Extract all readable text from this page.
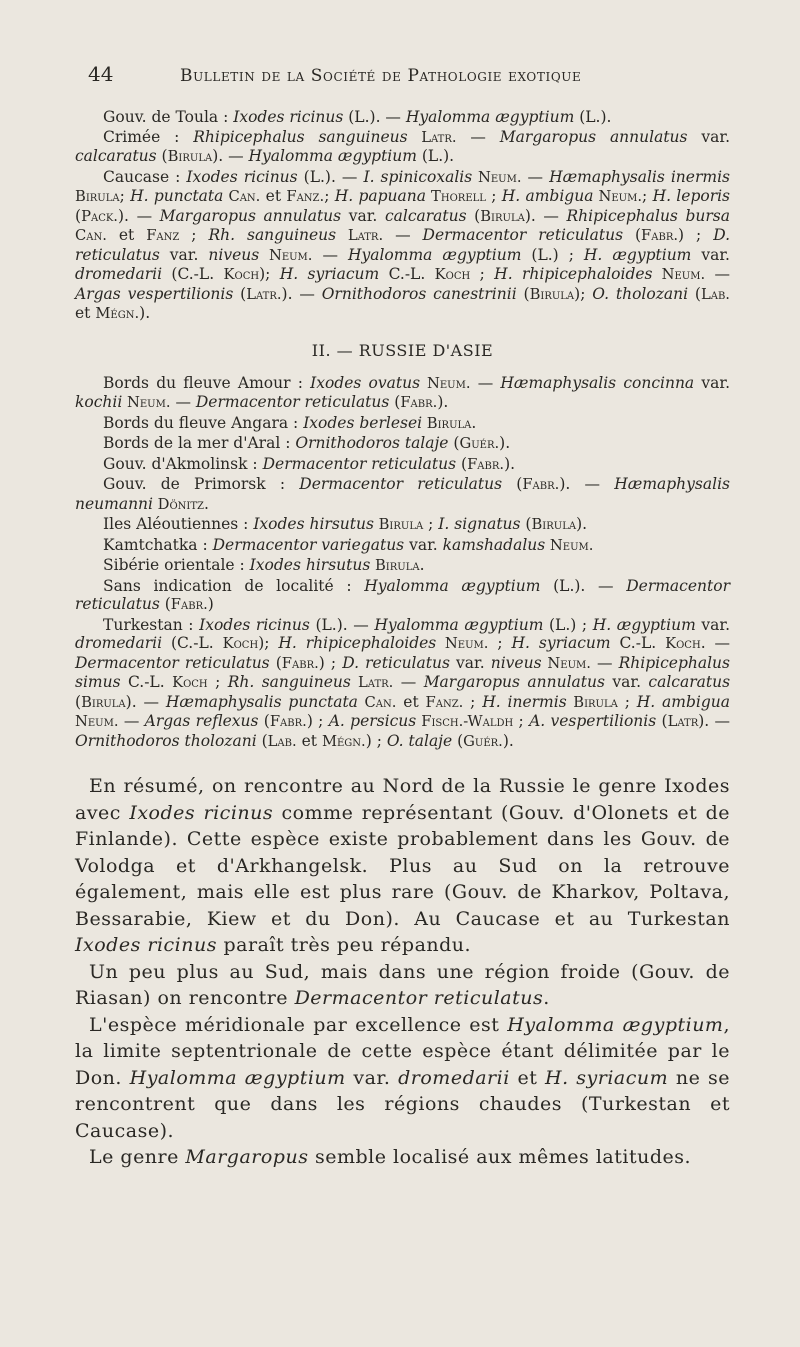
44	Bulletin de la Société de Pathologie exotique

Gouv. de Toula : Ixodes ricinus (L.). — Hyalomma ægyptium (L.).

Crimée : Rhipicephalus sanguineus Latr. — Margaropus annulatus var. calcaratus (Birula). — Hyalomma ægyptium (L.).

Caucase : Ixodes ricinus (L.). — I. spinicoxalis Neum. — Hæmaphysalis inermis Birula; H. punctata Can. et Fanz.; H. papuana Thorell ; H. ambigua Neum.; H. leporis (Pack.). — Margaropus annulatus var. calcaratus (Birula). — Rhipicephalus bursa Can. et Fanz ; Rh. sanguineus Latr. — Dermacentor reticulatus (Fabr.) ; D. reticulatus var. niveus Neum. — Hyalomma ægyptium (L.) ; H. ægyptium var. dromedarii (C.-L. Koch); H. syriacum C.-L. Koch ; H. rhipicephaloides Neum. — Argas vespertilionis (Latr.). — Ornithodoros canestrinii (Birula); O. tholozani (Lab. et Mégn.).

II. — RUSSIE D'ASIE

Bords du fleuve Amour : Ixodes ovatus Neum. — Hæmaphysalis concinna var. kochii Neum. — Dermacentor reticulatus (Fabr.).

Bords du fleuve Angara : Ixodes berlesei Birula.

Bords de la mer d'Aral : Ornithodoros talaje (Guér.).

Gouv. d'Akmolinsk : Dermacentor reticulatus (Fabr.).

Gouv. de Primorsk : Dermacentor reticulatus (Fabr.). — Hæmaphysalis neumanni Dönitz.

Iles Aléoutiennes : Ixodes hirsutus Birula ; I. signatus (Birula).

Kamtchatka : Dermacentor variegatus var. kamshadalus Neum.

Sibérie orientale : Ixodes hirsutus Birula.

Sans indication de localité : Hyalomma ægyptium (L.). — Dermacentor reticulatus (Fabr.)

Turkestan : Ixodes ricinus (L.). — Hyalomma ægyptium (L.) ; H. ægyptium var. dromedarii (C.-L. Koch); H. rhipicephaloides Neum. ; H. syriacum C.-L. Koch. — Dermacentor reticulatus (Fabr.) ; D. reticulatus var. niveus Neum. — Rhipicephalus simus C.-L. Koch ; Rh. sanguineus Latr. — Margaropus annulatus var. calcaratus (Birula). — Hæmaphysalis punctata Can. et Fanz. ; H. inermis Birula ; H. ambigua Neum. — Argas reflexus (Fabr.) ; A. persicus Fisch.-Waldh ; A. vespertilionis (Latr). — Ornithodoros tholozani (Lab. et Mégn.) ; O. talaje (Guér.).

En résumé, on rencontre au Nord de la Russie le genre Ixodes avec Ixodes ricinus comme représentant (Gouv. d'Olonets et de Finlande). Cette espèce existe probablement dans les Gouv. de Volodga et d'Arkhangelsk. Plus au Sud on la retrouve également, mais elle est plus rare (Gouv. de Kharkov, Poltava, Bessarabie, Kiew et du Don). Au Caucase et au Turkestan Ixodes ricinus paraît très peu répandu.

Un peu plus au Sud, mais dans une région froide (Gouv. de Riasan) on rencontre Dermacentor reticulatus.

L'espèce méridionale par excellence est Hyalomma ægyptium, la limite septentrionale de cette espèce étant délimitée par le Don. Hyalomma ægyptium var. dromedarii et H. syriacum ne se rencontrent que dans les régions chaudes (Turkestan et Caucase).

Le genre Margaropus semble localisé aux mêmes latitudes.
